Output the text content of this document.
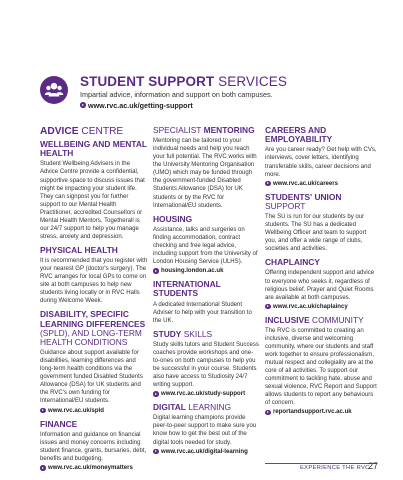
STUDENT SUPPORT SERVICES
Impartial advice, information and support on both campuses.
www.rvc.ac.uk/getting-support
ADVICE CENTRE
WELLBEING AND MENTAL HEALTH

Student Wellbeing Advisers in the Advice Centre provide a confidential, supportive space to discuss issues that might be impacting your student life. They can signpost you for further support to our Mental Health Practitioner, accredited Counsellors or Mental Health Mentors. Togetherall is our 24/7 support to help you manage stress, anxiety and depression.

PHYSICAL HEALTH

It is recommended that you register with your nearest GP (doctor's surgery). The RVC arranges for local GPs to come on site at both campuses to help new students living locally or in RVC Halls during Welcome Week.

DISABILITY, SPECIFIC LEARNING DIFFERENCES (SPLD), AND LONG-TERM HEALTH CONDITIONS

Guidance about support available for disabilities, learning differences and long-term health conditions via the government funded Disabled Students Allowance (DSA) for UK students and the RVC's own funding for International/EU students.

www.rvc.ac.uk/spld
FINANCE

Information and guidance on financial issues and money concerns including student finance, grants, bursaries, debt, benefits and budgeting.

www.rvc.ac.uk/moneymatters
SPECIALIST MENTORING

Mentoring can be tailored to your individual needs and help you reach your full potential. The RVC works with the University Mentoring Organisation (UMO) which may be funded through the government-funded Disabled Students Allowance (DSA) for UK students or by the RVC for International/EU students.

HOUSING

Assistance, talks and surgeries on finding accommodation, contract checking and free legal advice, including support from the University of London Housing Service (ULHS).

housing.london.ac.uk
INTERNATIONAL STUDENTS

A dedicated International Student Adviser to help with your transition to the UK.

STUDY SKILLS

Study skills tutors and Student Success coaches provide workshops and one-to-ones on both campuses to help you be successful in your course. Students also have access to Studiosity 24/7 writing support.

www.rvc.ac.uk/study-support
DIGITAL LEARNING

Digital learning champions provide peer-to-peer support to make sure you know how to get the best out of the digital tools needed for study.

www.rvc.ac.uk/digital-learning
CAREERS AND EMPLOYABILITY

Are you career ready? Get help with CVs, interviews, cover letters, identifying transferable skills, career decisions and more.

www.rvc.ac.uk/careers
STUDENTS' UNION
SUPPORT

The SU is run for our students by our students. The SU has a dedicated Wellbeing Officer and team to support you, and offer a wide range of clubs, societies and activities.

CHAPLAINCY

Offering independent support and advice to everyone who seeks it, regardless of religious belief. Prayer and Quiet Rooms are available at both campuses.

www.rvc.ac.uk/chaplaincy
INCLUSIVE COMMUNITY

The RVC is committed to creating an inclusive, diverse and welcoming community, where our students and staff work together to ensure professionalism, mutual respect and collegiality are at the core of all activities. To support our commitment to tackling hate, abuse and sexual violence, RVC Report and Support allows students to report any behaviours of concern.

reportandsupport.rvc.ac.uk
EXPERIENCE THE RVC
27
